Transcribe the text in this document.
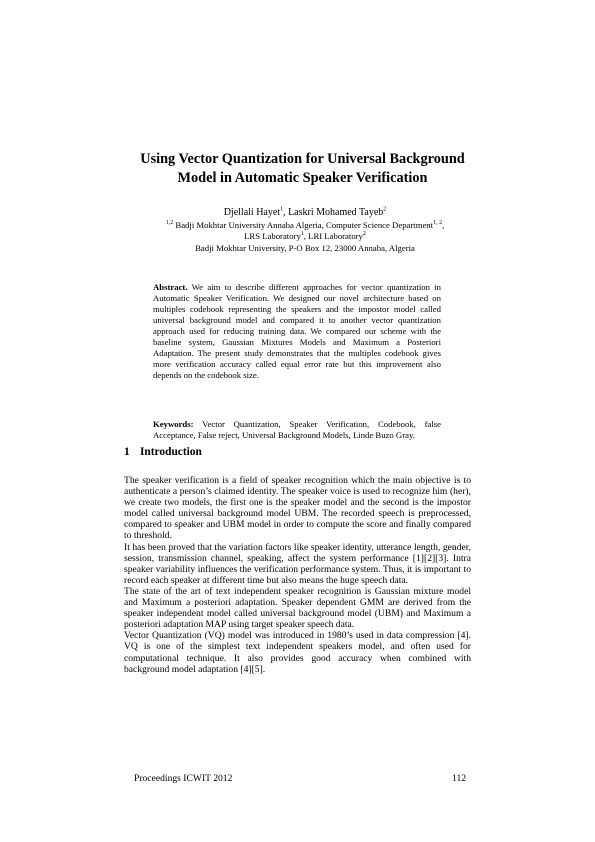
Using Vector Quantization for Universal Background Model in Automatic Speaker Verification
Djellali Hayet$^1$, Laskri Mohamed Tayeb$^2$
$^{1,2}$ Badji Mokhtar University Annaba Algeria, Computer Science Department$^{1, 2}$,
LRS Laboratory$^1$, LRI Laboratory$^2$
Badji Mokhtar University, P-O Box 12, 23000 Annaba, Algeria
Abstract. We aim to describe different approaches for vector quantization in Automatic Speaker Verification. We designed our novel architecture based on multiples codebook representing the speakers and the impostor model called universal background model and compared it to another vector quantization approach used for reducing training data. We compared our scheme with the baseline system, Gaussian Mixtures Models and Maximum a Posteriori Adaptation. The present study demonstrates that the multiples codebook gives more verification accuracy called equal error rate but this improvement also depends on the codebook size.
Keywords: Vector Quantization, Speaker Verification, Codebook, false Acceptance, False reject, Universal Background Models, Linde Buzo Gray.
1 Introduction

The speaker verification is a field of speaker recognition which the main objective is to authenticate a person’s claimed identity. The speaker voice is used to recognize him (her), we create two models, the first one is the speaker model and the second is the impostor model called universal background model UBM. The recorded speech is preprocessed, compared to speaker and UBM model in order to compute the score and finally compared to threshold.

It has been proved that the variation factors like speaker identity, utterance length, gender, session, transmission channel, speaking, affect the system performance [1][2][3]. Intra speaker variability influences the verification performance system. Thus, it is important to record each speaker at different time but also means the huge speech data.

The state of the art of text independent speaker recognition is Gaussian mixture model and Maximum a posteriori adaptation. Speaker dependent GMM are derived from the speaker independent model called universal background model (UBM) and Maximum a posteriori adaptation MAP using target speaker speech data.

Vector Quantization (VQ) model was introduced in 1980’s used in data compression [4]. VQ is one of the simplest text independent speakers model, and often used for computational technique. It also provides good accuracy when combined with background model adaptation [4][5].

Proceedings ICWIT 2012	112
